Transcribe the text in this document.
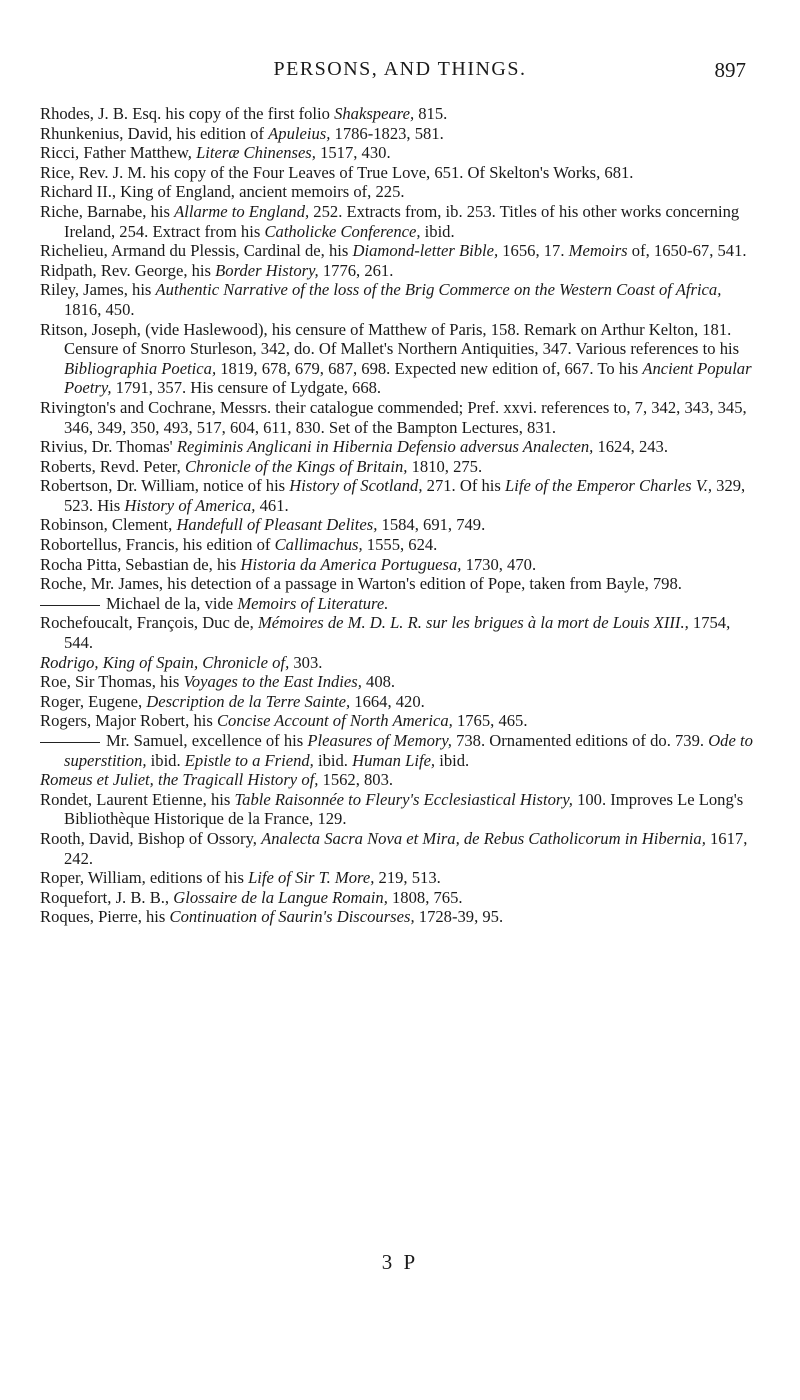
PERSONS, AND THINGS.	897

Rhodes, J. B. Esq. his copy of the first folio Shakspeare, 815.

Rhunkenius, David, his edition of Apuleius, 1786-1823, 581.

Ricci, Father Matthew, Literæ Chinenses, 1517, 430.

Rice, Rev. J. M. his copy of the Four Leaves of True Love, 651. Of Skelton's Works, 681.

Richard II., King of England, ancient memoirs of, 225.

Riche, Barnabe, his Allarme to England, 252. Extracts from, ib. 253. Titles of his other works concerning Ireland, 254. Extract from his Catholicke Conference, ibid.

Richelieu, Armand du Plessis, Cardinal de, his Diamond-letter Bible, 1656, 17. Memoirs of, 1650-67, 541.

Ridpath, Rev. George, his Border History, 1776, 261.

Riley, James, his Authentic Narrative of the loss of the Brig Commerce on the Western Coast of Africa, 1816, 450.

Ritson, Joseph, (vide Haslewood), his censure of Matthew of Paris, 158. Remark on Arthur Kelton, 181. Censure of Snorro Sturleson, 342, do. Of Mallet's Northern Antiquities, 347. Various references to his Bibliographia Poetica, 1819, 678, 679, 687, 698. Expected new edition of, 667. To his Ancient Popular Poetry, 1791, 357. His censure of Lydgate, 668.

Rivington's and Cochrane, Messrs. their catalogue commended; Pref. xxvi. references to, 7, 342, 343, 345, 346, 349, 350, 493, 517, 604, 611, 830. Set of the Bampton Lectures, 831.

Rivius, Dr. Thomas' Regiminis Anglicani in Hibernia Defensio adversus Analecten, 1624, 243.

Roberts, Revd. Peter, Chronicle of the Kings of Britain, 1810, 275.

Robertson, Dr. William, notice of his History of Scotland, 271. Of his Life of the Emperor Charles V., 329, 523. His History of America, 461.

Robinson, Clement, Handefull of Pleasant Delites, 1584, 691, 749.

Robortellus, Francis, his edition of Callimachus, 1555, 624.

Rocha Pitta, Sebastian de, his Historia da America Portuguesa, 1730, 470.

Roche, Mr. James, his detection of a passage in Warton's edition of Pope, taken from Bayle, 798.

Michael de la, vide Memoirs of Literature.

Rochefoucalt, François, Duc de, Mémoires de M. D. L. R. sur les brigues à la mort de Louis XIII., 1754, 544.

Rodrigo, King of Spain, Chronicle of, 303.

Roe, Sir Thomas, his Voyages to the East Indies, 408.

Roger, Eugene, Description de la Terre Sainte, 1664, 420.

Rogers, Major Robert, his Concise Account of North America, 1765, 465.

Mr. Samuel, excellence of his Pleasures of Memory, 738. Ornamented editions of do. 739. Ode to superstition, ibid. Epistle to a Friend, ibid. Human Life, ibid.

Romeus et Juliet, the Tragicall History of, 1562, 803.

Rondet, Laurent Etienne, his Table Raisonnée to Fleury's Ecclesiastical History, 100. Improves Le Long's Bibliothèque Historique de la France, 129.

Rooth, David, Bishop of Ossory, Analecta Sacra Nova et Mira, de Rebus Catholicorum in Hibernia, 1617, 242.

Roper, William, editions of his Life of Sir T. More, 219, 513.

Roquefort, J. B. B., Glossaire de la Langue Romain, 1808, 765.

Roques, Pierre, his Continuation of Saurin's Discourses, 1728-39, 95.

3 P
